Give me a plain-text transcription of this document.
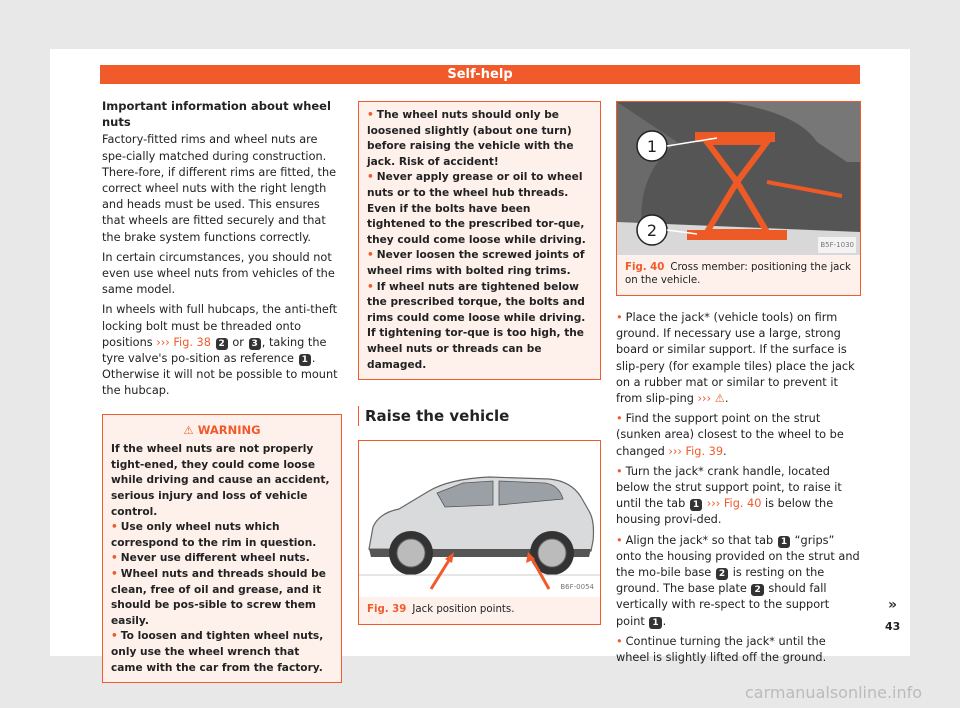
Self-help
Important information about wheel nuts

Factory-fitted rims and wheel nuts are spe-cially matched during construction. There-fore, if different rims are fitted, the correct wheel nuts with the right length and heads must be used. This ensures that wheels are fitted securely and that the brake system functions correctly.

In certain circumstances, you should not even use wheel nuts from vehicles of the same model.

In wheels with full hubcaps, the anti-theft locking bolt must be threaded onto positions ››› Fig. 38 2 or 3 , taking the tyre valve's po-sition as reference 1 . Otherwise it will not be possible to mount the hubcap.

⚠ WARNING
If the wheel nuts are not properly tight-ened, they could come loose while driving and cause an accident, serious injury and loss of vehicle control.
• Use only wheel nuts which correspond to the rim in question.
• Never use different wheel nuts.
• Wheel nuts and threads should be clean, free of oil and grease, and it should be pos-sible to screw them easily.
• To loosen and tighten wheel nuts, only use the wheel wrench that came with the car from the factory.
• The wheel nuts should only be loosened slightly (about one turn) before raising the vehicle with the jack. Risk of accident!
• Never apply grease or oil to wheel nuts or to the wheel hub threads. Even if the bolts have been tightened to the prescribed tor-que, they could come loose while driving.
• Never loosen the screwed joints of wheel rims with bolted ring trims.
• If wheel nuts are tightened below the prescribed torque, the bolts and rims could come loose while driving. If tightening tor-que is too high, the wheel nuts or threads can be damaged.
Raise the vehicle
B6F-0054
Fig. 39 Jack position points.
1
2
B5F-1030
Fig. 40 Cross member: positioning the jack on the vehicle.

• Place the jack* (vehicle tools) on firm ground. If necessary use a large, strong board or similar support. If the surface is slip-pery (for example tiles) place the jack on a rubber mat or similar to prevent it from slip-ping ››› ⚠.

• Find the support point on the strut (sunken area) closest to the wheel to be changed ››› Fig. 39.

• Turn the jack* crank handle, located below the strut support point, to raise it until the tab 1 ››› Fig. 40 is below the housing provi-ded.

• Align the jack* so that tab 1 “grips” onto the housing provided on the strut and the mo-bile base 2 is resting on the ground. The base plate 2 should fall vertically with re-spect to the support point 1 .

• Continue turning the jack* until the wheel is slightly lifted off the ground.

»
43
carmanualsonline.info
